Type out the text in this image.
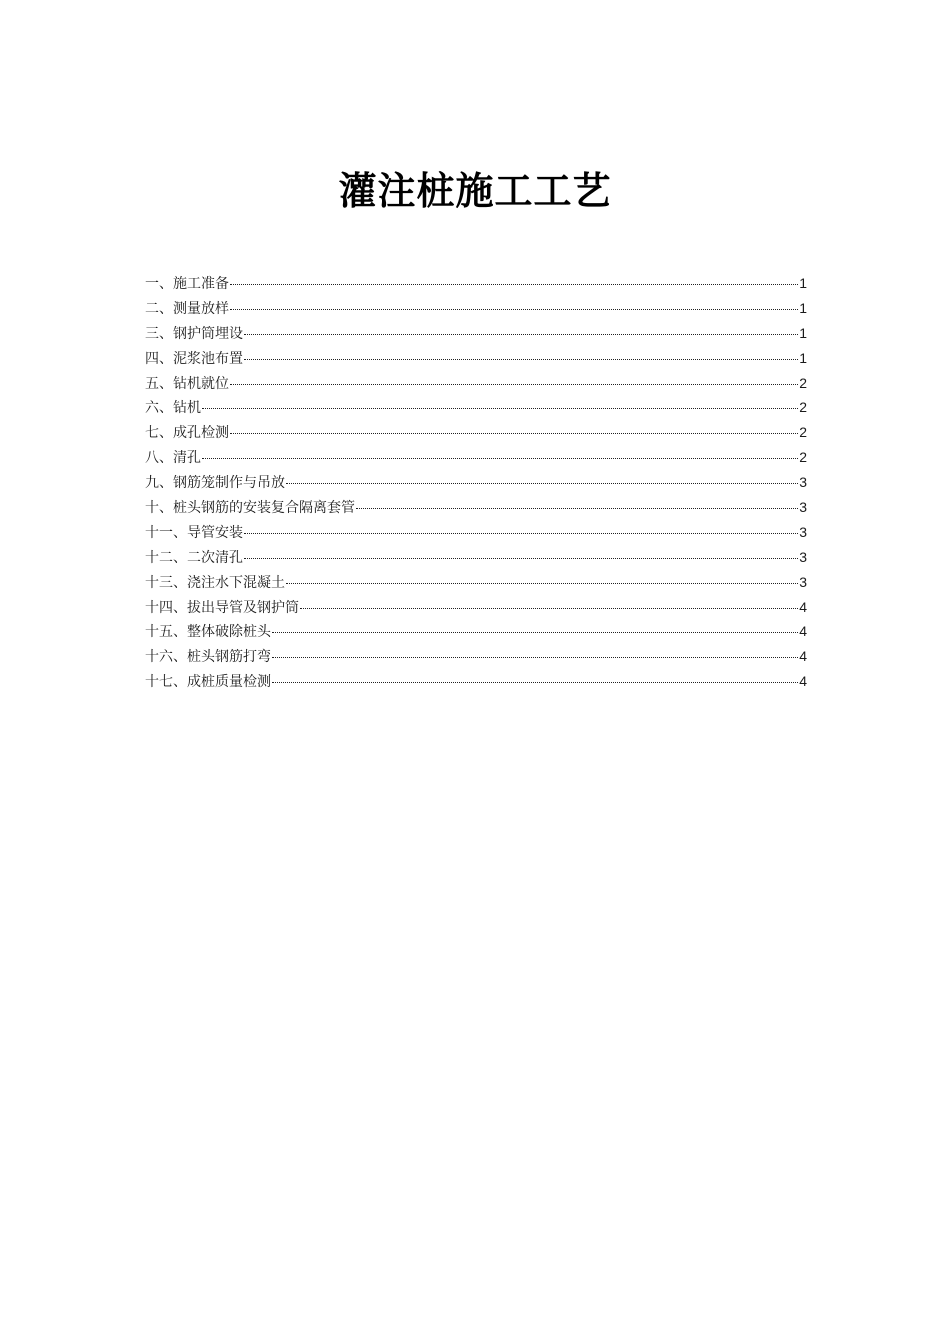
灌注桩施工工艺
一、施工准备	1
二、测量放样	1
三、钢护筒埋设	1
四、泥浆池布置	1
五、钻机就位	2
六、钻机	2
七、成孔检测	2
八、清孔	2
九、钢筋笼制作与吊放	3
十、桩头钢筋的安装复合隔离套管	3
十一、导管安装	3
十二、二次清孔	3
十三、浇注水下混凝土	3
十四、拔出导管及钢护筒	4
十五、整体破除桩头	4
十六、桩头钢筋打弯	4
十七、成桩质量检测	4
